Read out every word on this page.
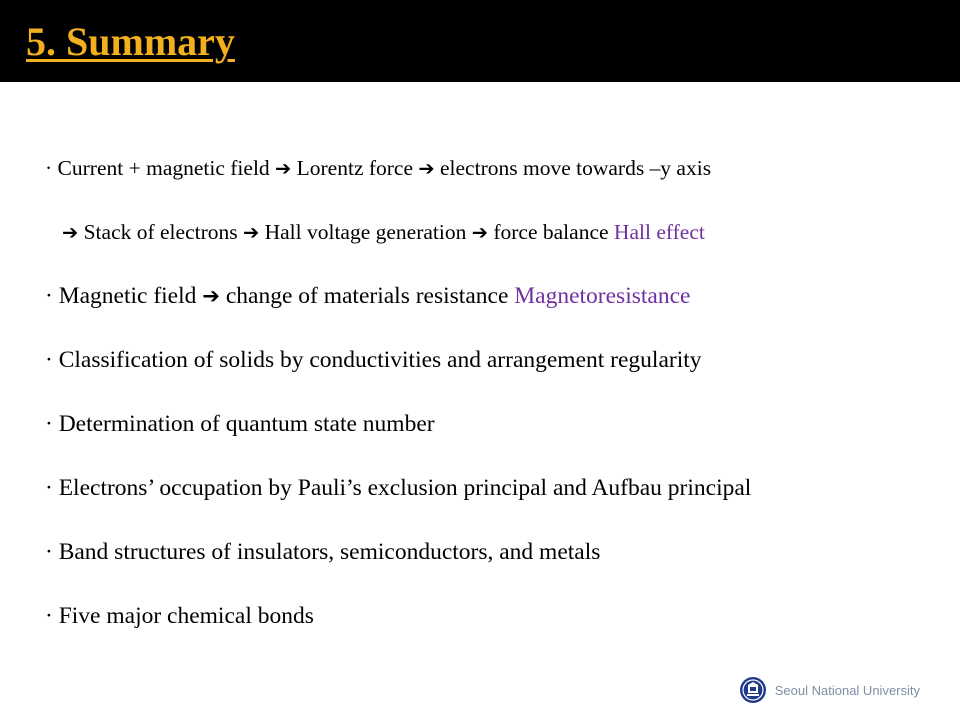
5. Summary
· Current + magnetic field ➔ Lorentz force ➔ electrons move towards –y axis
➔ Stack of electrons ➔ Hall voltage generation ➔ force balance Hall effect
· Magnetic field ➔ change of materials resistance Magnetoresistance
· Classification of solids by conductivities and arrangement regularity
· Determination of quantum state number
· Electrons’ occupation by Pauli’s exclusion principal and Aufbau principal
· Band structures of insulators, semiconductors, and metals
· Five major chemical bonds
Seoul National University
